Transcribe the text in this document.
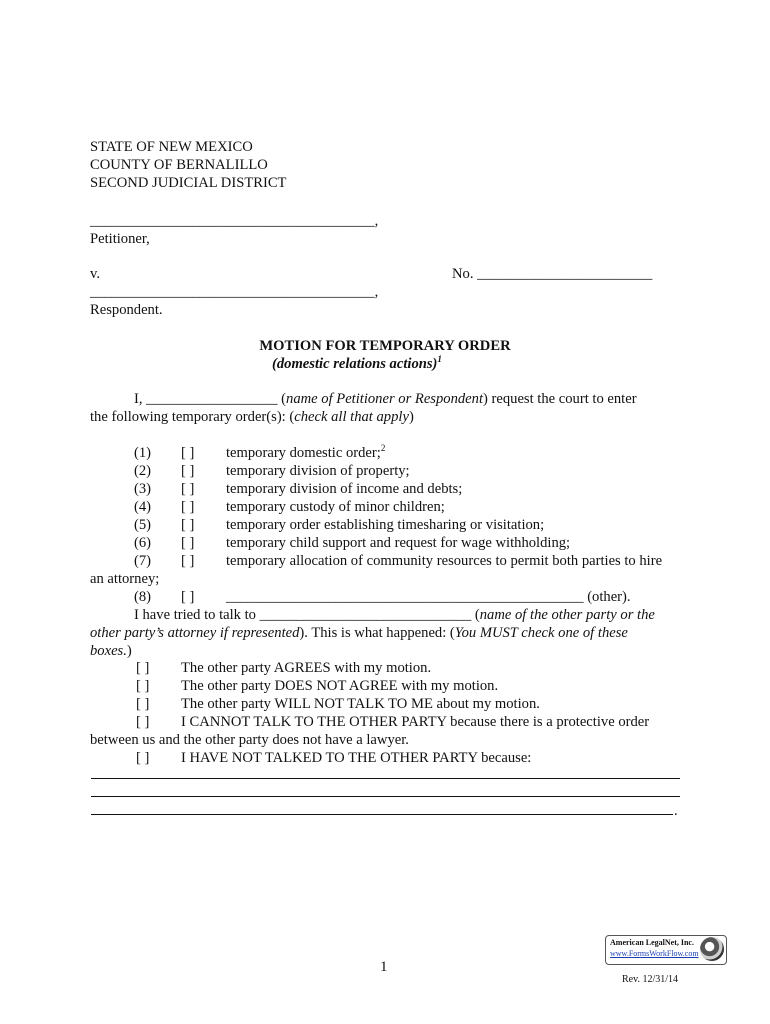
STATE OF NEW MEXICO
COUNTY OF BERNALILLO
SECOND JUDICIAL DISTRICT
_______________________________________,
Petitioner,
v.	No. ________________________
_______________________________________,
Respondent.
MOTION FOR TEMPORARY ORDER
(domestic relations actions)$^1$
I, __________________ (name of Petitioner or Respondent) request the court to enter
the following temporary order(s): (check all that apply)
(1) [ ] temporary domestic order;$^2$
(2) [ ] temporary division of property;
(3) [ ] temporary division of income and debts;
(4) [ ] temporary custody of minor children;
(5) [ ] temporary order establishing timesharing or visitation;
(6) [ ] temporary child support and request for wage withholding;
(7) [ ] temporary allocation of community resources to permit both parties to hire
an attorney;
(8) [ ] _________________________________________________ (other).
I have tried to talk to _____________________________ (name of the other party or the
other party’s attorney if represented). This is what happened: (You MUST check one of these
boxes.)
[ ] The other party AGREES with my motion.
[ ] The other party DOES NOT AGREE with my motion.
[ ] The other party WILL NOT TALK TO ME about my motion.
[ ] I CANNOT TALK TO THE OTHER PARTY because there is a protective order
between us and the other party does not have a lawyer.
[ ] I HAVE NOT TALKED TO THE OTHER PARTY because:
.
1
American LegalNet, Inc.
www.FormsWorkFlow.com
Rev. 12/31/14
